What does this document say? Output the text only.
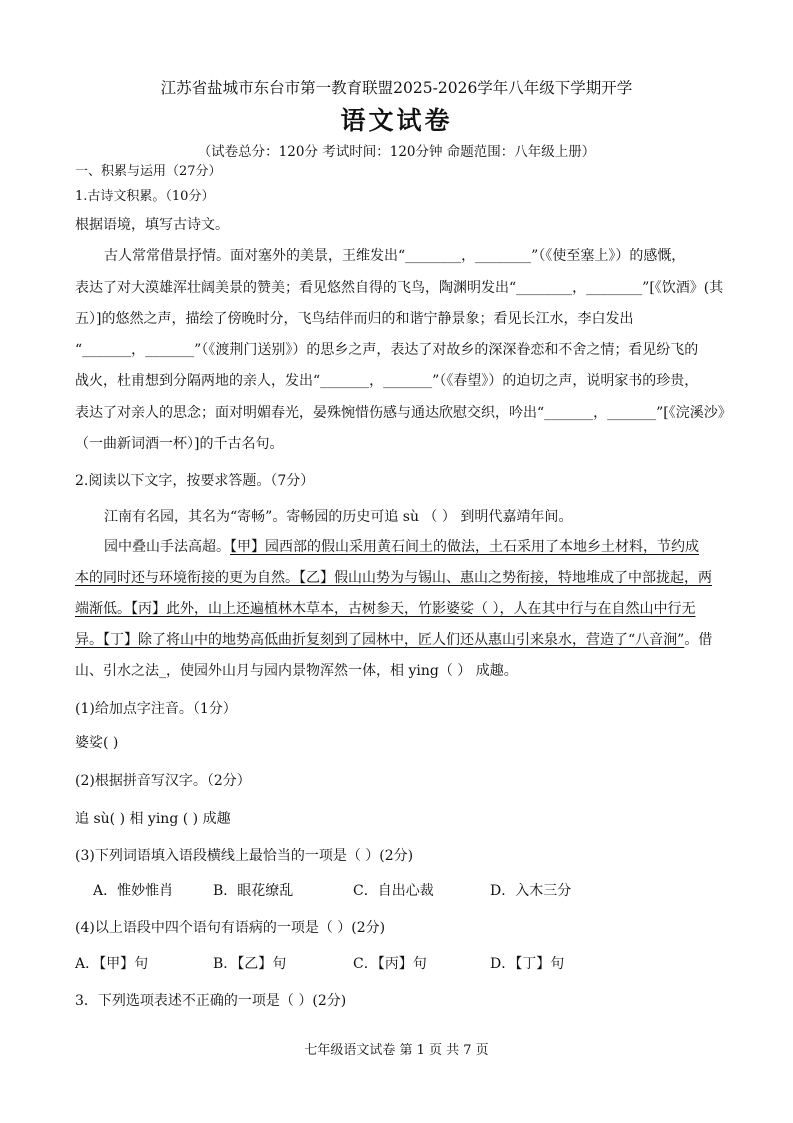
江苏省盐城市东台市第一教育联盟2025-2026学年八年级下学期开学
语文试卷
（试卷总分：120分 考试时间：120分钟 命题范围：八年级上册）
一、积累与运用（27分）
1.古诗文积累。（10分）
根据语境，填写古诗文。
古人常常借景抒情。面对塞外的美景，王维发出“________，________”（《使至塞上》）的感慨，
表达了对大漠雄浑壮阔美景的赞美；看见悠然自得的飞鸟，陶渊明发出“________，________”[《饮酒》(其
五）]的悠然之声，描绘了傍晚时分，飞鸟结伴而归的和谐宁静景象；看见长江水，李白发出
“_______，_______”（《渡荆门送别》）的思乡之声，表达了对故乡的深深眷恋和不舍之情；看见纷飞的
战火，杜甫想到分隔两地的亲人，发出“_______，_______”（《春望》）的迫切之声，说明家书的珍贵，
表达了对亲人的思念；面对明媚春光，晏殊惋惜伤感与通达欣慰交织，吟出“_______，_______”[《浣溪沙》
（一曲新词酒一杯）]的千古名句。
2.阅读以下文字，按要求答题。（7分）
江南有名园，其名为“寄畅”。寄畅园的历史可追 sù （ ） 到明代嘉靖年间。
园中叠山手法高超。【甲】园西部的假山采用黄石间土的做法，土石采用了本地乡土材料，节约成
本的同时还与环境衔接的更为自然。【乙】假山山势为与锡山、惠山之势衔接，特地堆成了中部拢起，两
端渐低。【丙】此外，山上还遍植林木草本，古树参天，竹影婆娑（ ），人在其中行与在自然山中行无
异。【丁】除了将山中的地势高低曲折复刻到了园林中，匠人们还从惠山引来泉水，营造了“八音涧”。借
山、引水之法_，使园外山月与园内景物浑然一体，相 ying（ ） 成趣。
(1)给加点字注音。（1分）
婆娑( )
(2)根据拼音写汉字。（2分）
追 sù( ) 相 ying ( ) 成趣
(3)下列词语填入语段横线上最恰当的一项是（ ）(2分)
A．惟妙惟肖	B．眼花缭乱	C．自出心裁	D．入木三分
(4)以上语段中四个语句有语病的一项是（ ）(2分)
A．【甲】句	B．【乙】句	C．【丙】句	D．【丁】句
3．下列选项表述不正确的一项是（ ）(2分)
七年级语文试卷 第 1 页 共 7 页
